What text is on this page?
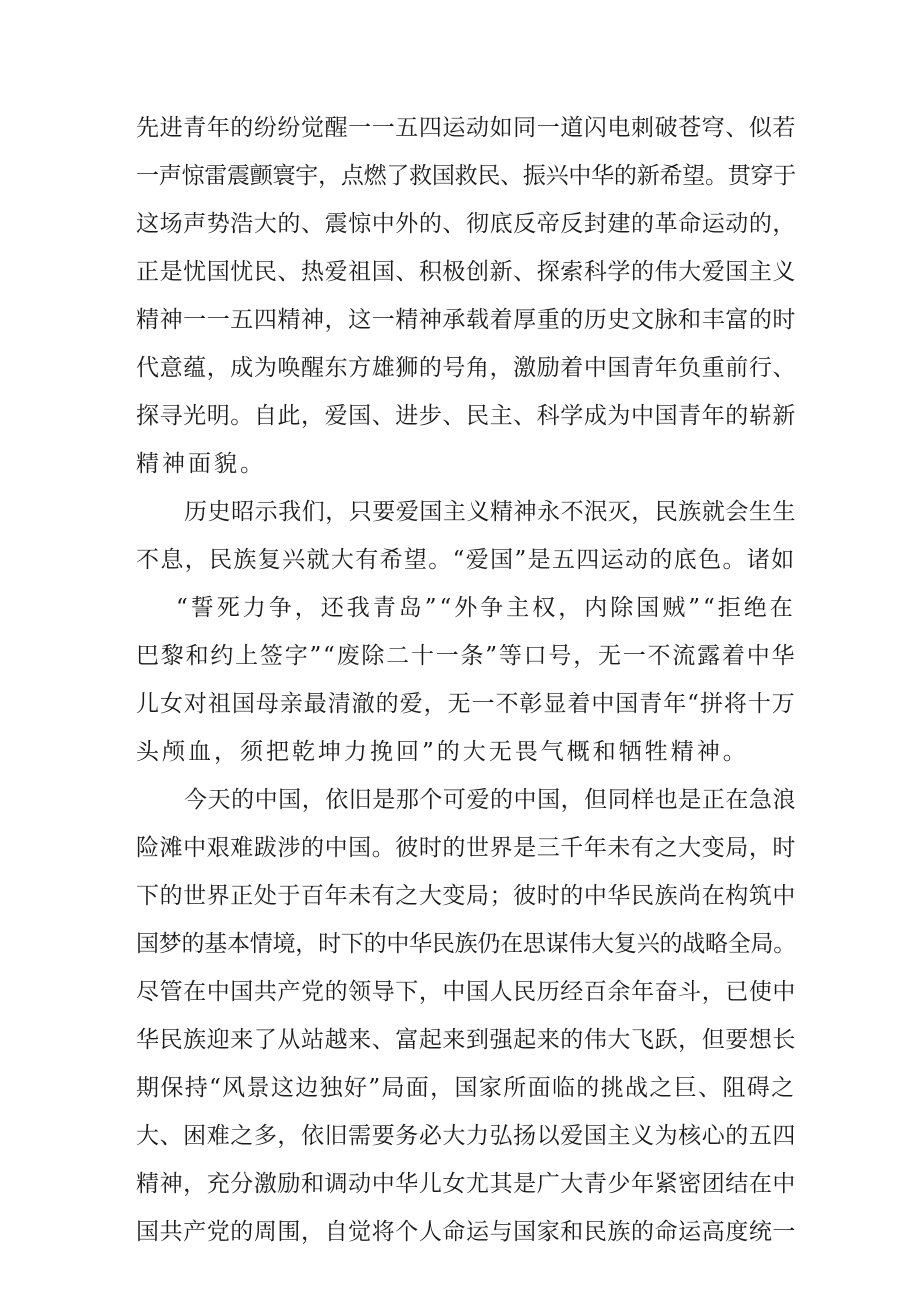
先进青年的纷纷觉醒一一五四运动如同一道闪电刺破苍穹、似若
一声惊雷震颤寰宇，点燃了救国救民、振兴中华的新希望。贯穿于
这场声势浩大的、震惊中外的、彻底反帝反封建的革命运动的，
正是忧国忧民、热爱祖国、积极创新、探索科学的伟大爱国主义
精神一一五四精神，这一精神承载着厚重的历史文脉和丰富的时
代意蕴，成为唤醒东方雄狮的号角，激励着中国青年负重前行、
探寻光明。自此，爱国、进步、民主、科学成为中国青年的崭新
精神面貌。
历史昭示我们，只要爱国主义精神永不泯灭，民族就会生生
不息，民族复兴就大有希望。“爱国”是五四运动的底色。诸如
“誓死力争，还我青岛”“外争主权，内除国贼”“拒绝在
巴黎和约上签字”“废除二十一条”等口号，无一不流露着中华
儿女对祖国母亲最清澈的爱，无一不彰显着中国青年“拼将十万
头颅血，须把乾坤力挽回”的大无畏气概和牺牲精神。
今天的中国，依旧是那个可爱的中国，但同样也是正在急浪
险滩中艰难跋涉的中国。彼时的世界是三千年未有之大变局，时
下的世界正处于百年未有之大变局；彼时的中华民族尚在构筑中
国梦的基本情境，时下的中华民族仍在思谋伟大复兴的战略全局。
尽管在中国共产党的领导下，中国人民历经百余年奋斗，已使中
华民族迎来了从站越来、富起来到强起来的伟大飞跃，但要想长
期保持“风景这边独好”局面，国家所面临的挑战之巨、阻碍之
大、困难之多，依旧需要务必大力弘扬以爱国主义为核心的五四
精神，充分激励和调动中华儿女尤其是广大青少年紧密团结在中
国共产党的周围，自觉将个人命运与国家和民族的命运高度统一
